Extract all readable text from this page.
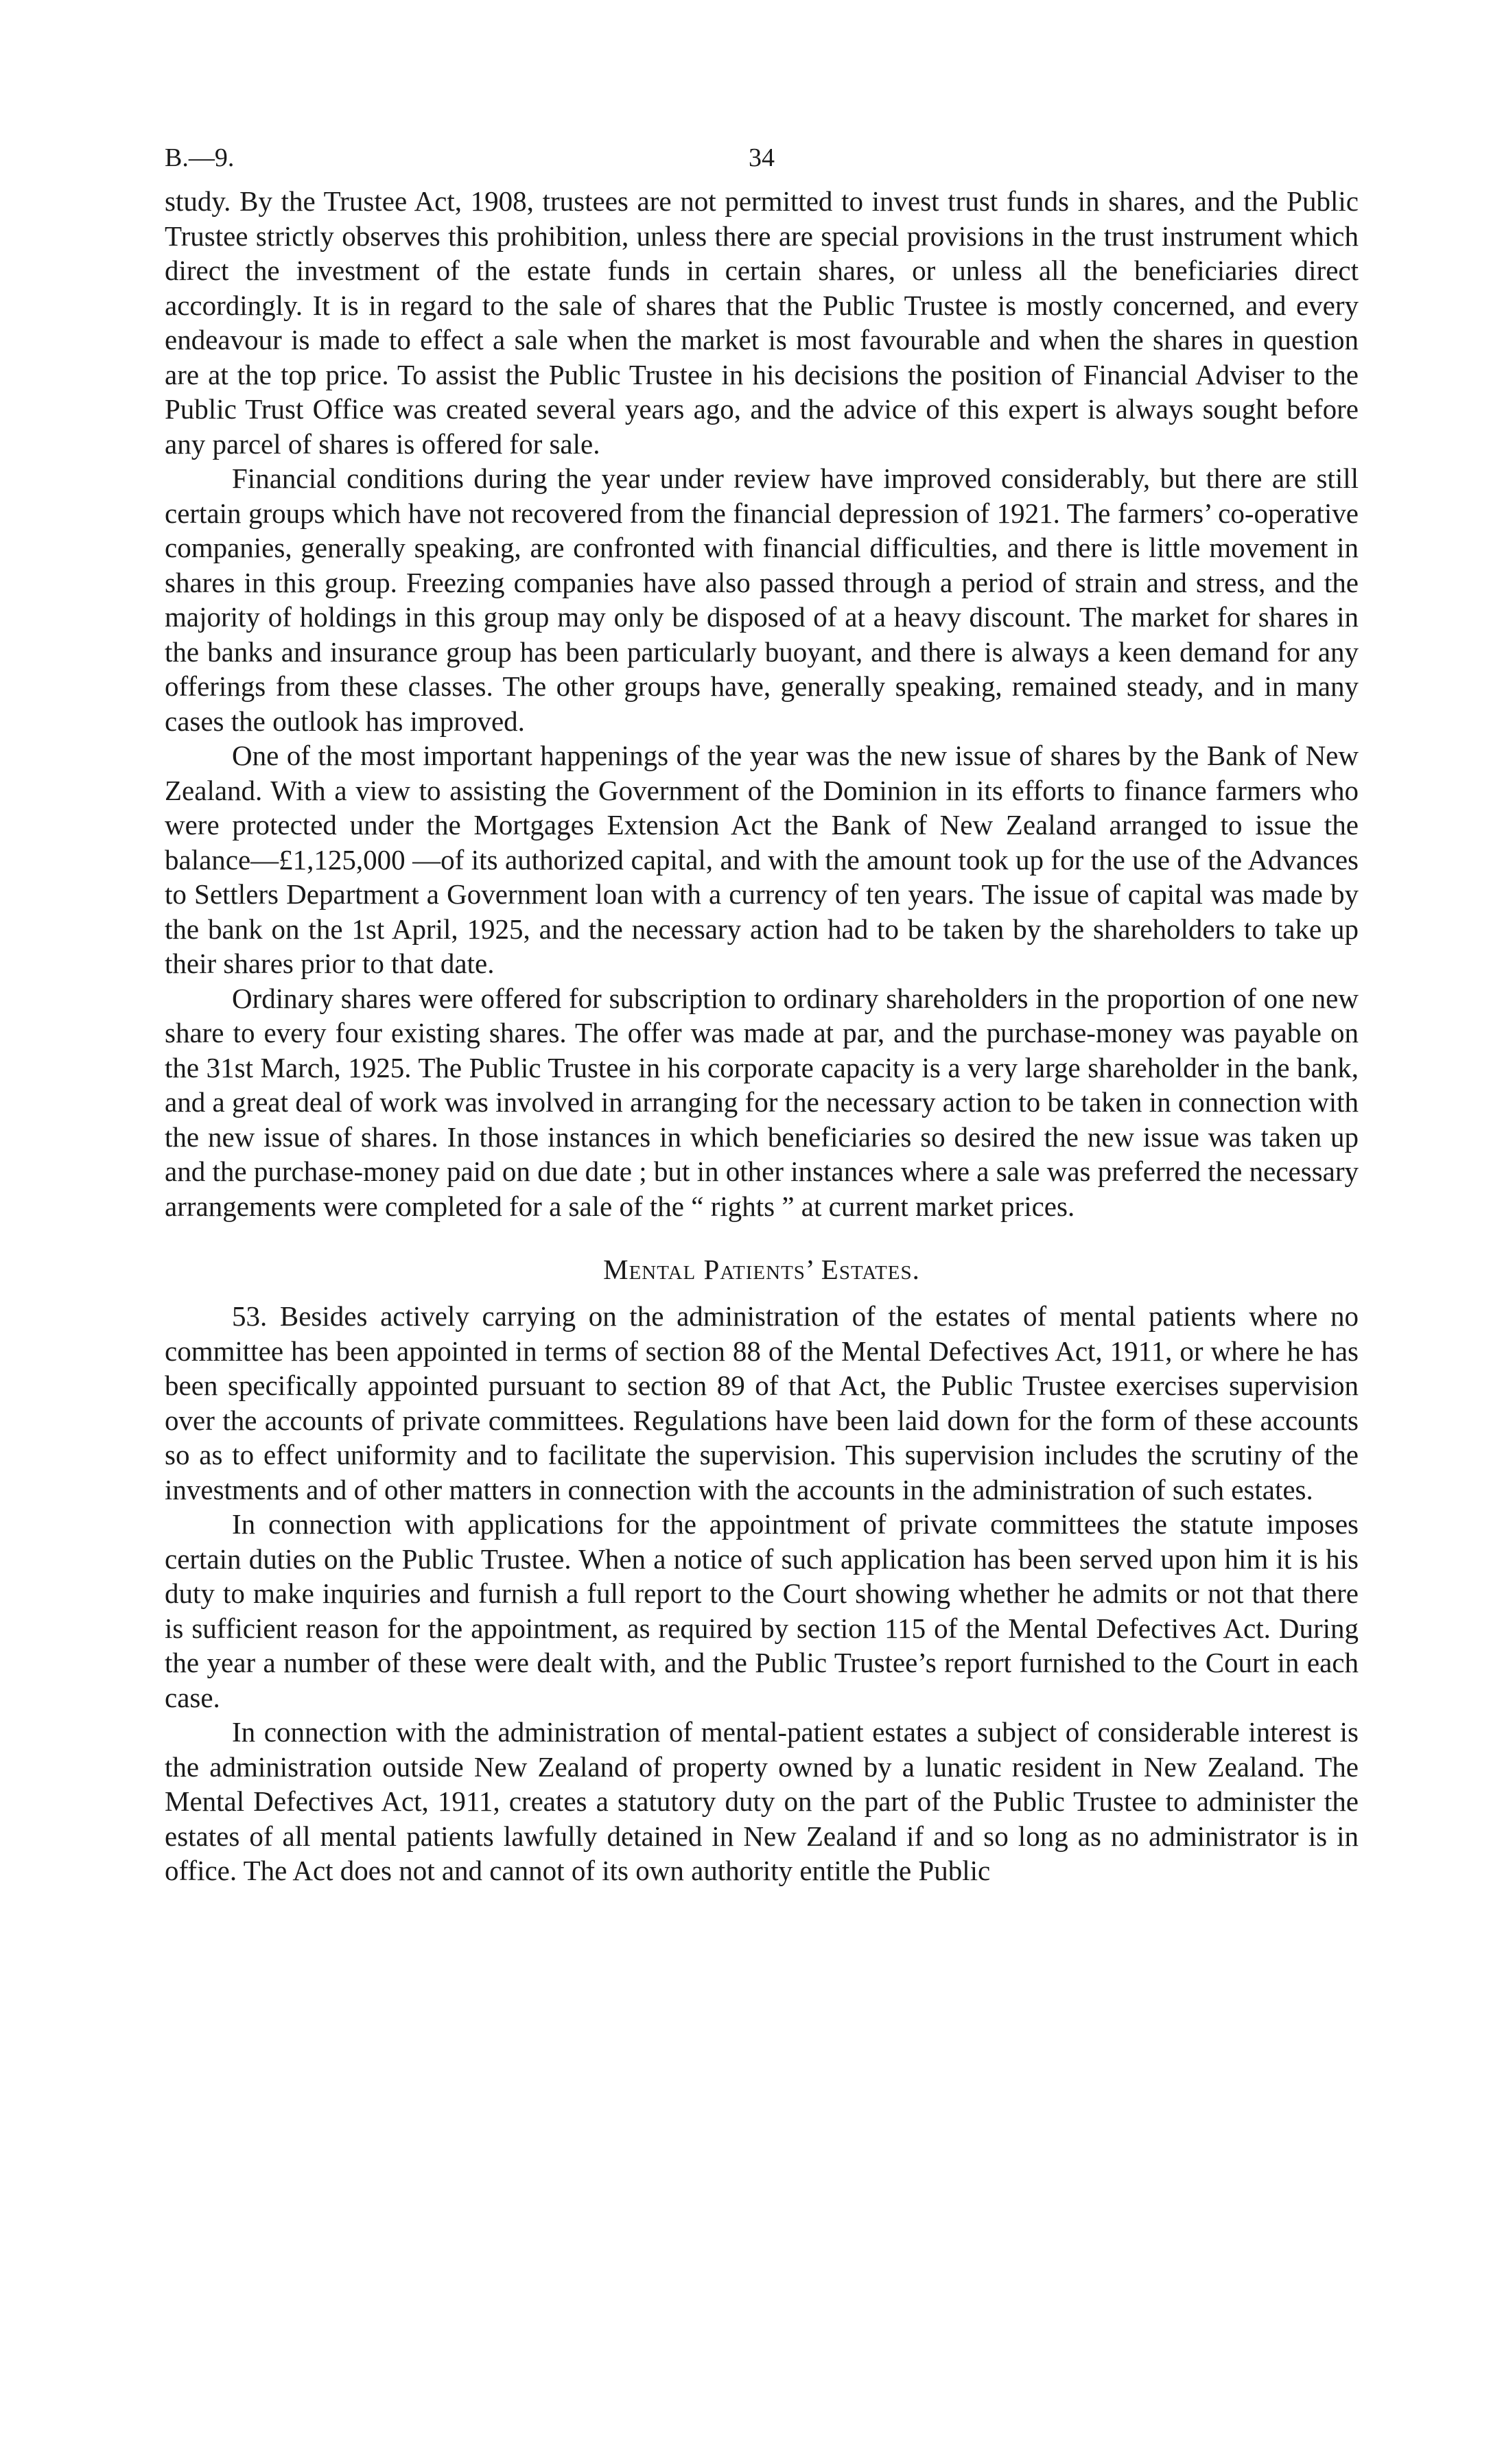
B.—9.	34

study. By the Trustee Act, 1908, trustees are not permitted to invest trust funds in shares, and the Public Trustee strictly observes this prohibition, unless there are special provisions in the trust instrument which direct the investment of the estate funds in certain shares, or unless all the beneficiaries direct accordingly. It is in regard to the sale of shares that the Public Trustee is mostly concerned, and every endeavour is made to effect a sale when the market is most favourable and when the shares in question are at the top price. To assist the Public Trustee in his decisions the position of Financial Adviser to the Public Trust Office was created several years ago, and the advice of this expert is always sought before any parcel of shares is offered for sale.

Financial conditions during the year under review have improved considerably, but there are still certain groups which have not recovered from the financial depression of 1921. The farmers’ co-operative companies, generally speaking, are confronted with financial difficulties, and there is little movement in shares in this group. Freezing companies have also passed through a period of strain and stress, and the majority of holdings in this group may only be disposed of at a heavy discount. The market for shares in the banks and insurance group has been particularly buoyant, and there is always a keen demand for any offerings from these classes. The other groups have, generally speaking, remained steady, and in many cases the outlook has improved.

One of the most important happenings of the year was the new issue of shares by the Bank of New Zealand. With a view to assisting the Government of the Dominion in its efforts to finance farmers who were protected under the Mortgages Extension Act the Bank of New Zealand arranged to issue the balance—£1,125,000 —of its authorized capital, and with the amount took up for the use of the Advances to Settlers Department a Government loan with a currency of ten years. The issue of capital was made by the bank on the 1st April, 1925, and the necessary action had to be taken by the shareholders to take up their shares prior to that date.

Ordinary shares were offered for subscription to ordinary shareholders in the proportion of one new share to every four existing shares. The offer was made at par, and the purchase-money was payable on the 31st March, 1925. The Public Trustee in his corporate capacity is a very large shareholder in the bank, and a great deal of work was involved in arranging for the necessary action to be taken in connection with the new issue of shares. In those instances in which beneficiaries so desired the new issue was taken up and the purchase-money paid on due date ; but in other instances where a sale was preferred the necessary arrangements were completed for a sale of the “ rights ” at current market prices.

Mental Patients’ Estates.

53. Besides actively carrying on the administration of the estates of mental patients where no committee has been appointed in terms of section 88 of the Mental Defectives Act, 1911, or where he has been specifically appointed pursuant to section 89 of that Act, the Public Trustee exercises supervision over the accounts of private committees. Regulations have been laid down for the form of these accounts so as to effect uniformity and to facilitate the supervision. This supervision includes the scrutiny of the investments and of other matters in connection with the accounts in the administration of such estates.

In connection with applications for the appointment of private committees the statute imposes certain duties on the Public Trustee. When a notice of such application has been served upon him it is his duty to make inquiries and furnish a full report to the Court showing whether he admits or not that there is sufficient reason for the appointment, as required by section 115 of the Mental Defectives Act. During the year a number of these were dealt with, and the Public Trustee’s report furnished to the Court in each case.

In connection with the administration of mental-patient estates a subject of considerable interest is the administration outside New Zealand of property owned by a lunatic resident in New Zealand. The Mental Defectives Act, 1911, creates a statutory duty on the part of the Public Trustee to administer the estates of all mental patients lawfully detained in New Zealand if and so long as no administrator is in office. The Act does not and cannot of its own authority entitle the Public
